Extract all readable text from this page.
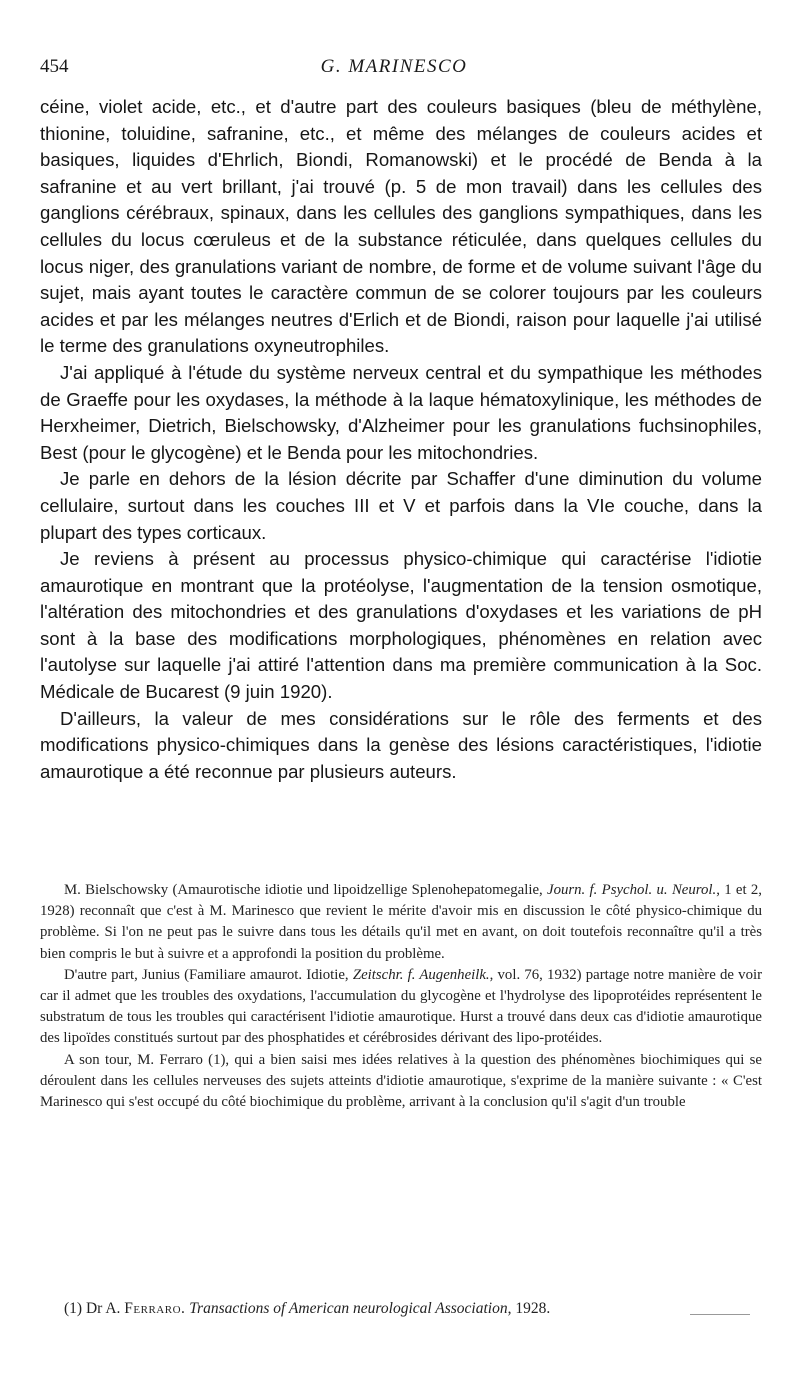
454	G. MARINESCO

céine, violet acide, etc., et d'autre part des couleurs basiques (bleu de méthylène, thionine, toluidine, safranine, etc., et même des mélanges de couleurs acides et basiques, liquides d'Ehrlich, Biondi, Romanowski) et le procédé de Benda à la safranine et au vert brillant, j'ai trouvé (p. 5 de mon travail) dans les cellules des ganglions cérébraux, spinaux, dans les cellules des ganglions sympathiques, dans les cellules du locus cœruleus et de la substance réticulée, dans quelques cellules du locus niger, des granulations variant de nombre, de forme et de volume suivant l'âge du sujet, mais ayant toutes le caractère commun de se colorer toujours par les couleurs acides et par les mélanges neutres d'Erlich et de Biondi, raison pour laquelle j'ai utilisé le terme des granulations oxyneutrophiles.

J'ai appliqué à l'étude du système nerveux central et du sympathique les méthodes de Graeffe pour les oxydases, la méthode à la laque hématoxylinique, les méthodes de Herxheimer, Dietrich, Bielschowsky, d'Alzheimer pour les granulations fuchsinophiles, Best (pour le glycogène) et le Benda pour les mitochondries.

Je parle en dehors de la lésion décrite par Schaffer d'une diminution du volume cellulaire, surtout dans les couches III et V et parfois dans la VIe couche, dans la plupart des types corticaux.

Je reviens à présent au processus physico-chimique qui caractérise l'idiotie amaurotique en montrant que la protéolyse, l'augmentation de la tension osmotique, l'altération des mitochondries et des granulations d'oxydases et les variations de pH sont à la base des modifications morphologiques, phénomènes en relation avec l'autolyse sur laquelle j'ai attiré l'attention dans ma première communication à la Soc. Médicale de Bucarest (9 juin 1920).

D'ailleurs, la valeur de mes considérations sur le rôle des ferments et des modifications physico-chimiques dans la genèse des lésions caractéristiques, l'idiotie amaurotique a été reconnue par plusieurs auteurs.

M. Bielschowsky (Amaurotische idiotie und lipoidzellige Splenohepatomegalie, Journ. f. Psychol. u. Neurol., 1 et 2, 1928) reconnaît que c'est à M. Marinesco que revient le mérite d'avoir mis en discussion le côté physico-chimique du problème. Si l'on ne peut pas le suivre dans tous les détails qu'il met en avant, on doit toutefois reconnaître qu'il a très bien compris le but à suivre et a approfondi la position du problème.

D'autre part, Junius (Familiare amaurot. Idiotie, Zeitschr. f. Augenheilk., vol. 76, 1932) partage notre manière de voir car il admet que les troubles des oxydations, l'accumulation du glycogène et l'hydrolyse des lipoprotéides représentent le substratum de tous les troubles qui caractérisent l'idiotie amaurotique. Hurst a trouvé dans deux cas d'idiotie amaurotique des lipoïdes constitués surtout par des phosphatides et cérébrosides dérivant des lipo-protéides.

A son tour, M. Ferraro (1), qui a bien saisi mes idées relatives à la question des phénomènes biochimiques qui se déroulent dans les cellules nerveuses des sujets atteints d'idiotie amaurotique, s'exprime de la manière suivante : « C'est Marinesco qui s'est occupé du côté biochimique du problème, arrivant à la conclusion qu'il s'agit d'un trouble

(1) Dr A. Ferraro. Transactions of American neurological Association, 1928.
